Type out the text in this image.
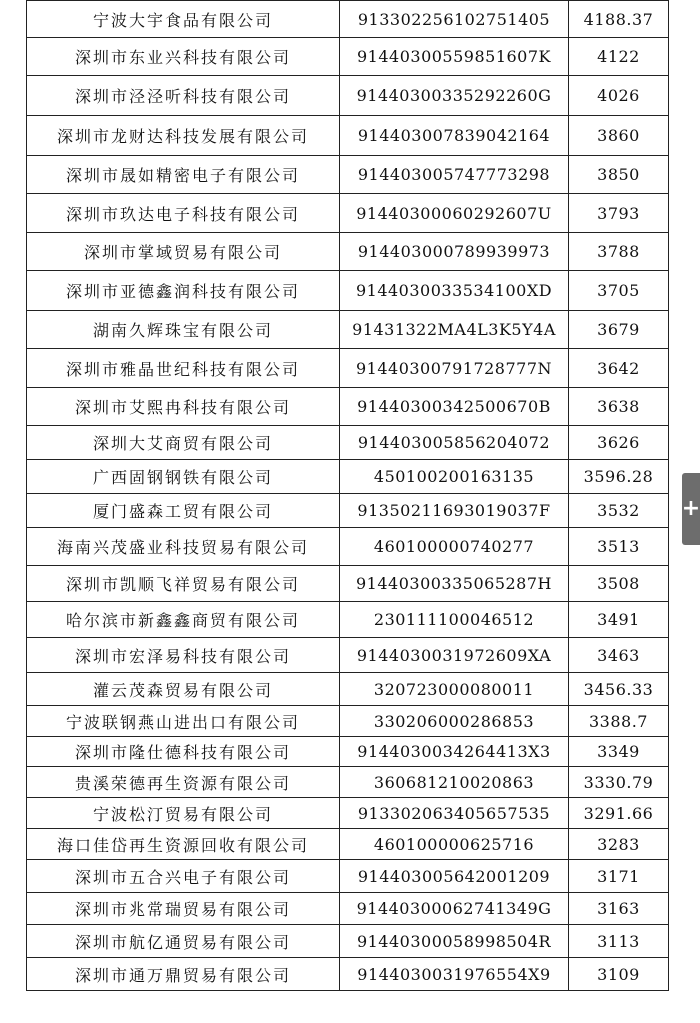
宁波大宇食品有限公司	913302256102751405	4188.37
深圳市东业兴科技有限公司	91440300559851607K	4122
深圳市泾泾听科技有限公司	91440300335292260G	4026
深圳市龙财达科技发展有限公司	914403007839042164	3860
深圳市晟如精密电子有限公司	914403005747773298	3850
深圳市玖达电子科技有限公司	91440300060292607U	3793
深圳市掌域贸易有限公司	914403000789939973	3788
深圳市亚德鑫润科技有限公司	9144030033534100XD	3705
湖南久辉珠宝有限公司	91431322MA4L3K5Y4A	3679
深圳市雅晶世纪科技有限公司	91440300791728777N	3642
深圳市艾熙冉科技有限公司	91440300342500670B	3638
深圳大艾商贸有限公司	914403005856204072	3626
广西固钢钢铁有限公司	450100200163135	3596.28
厦门盛森工贸有限公司	91350211693019037F	3532
海南兴茂盛业科技贸易有限公司	460100000740277	3513
深圳市凯顺飞祥贸易有限公司	91440300335065287H	3508
哈尔滨市新鑫鑫商贸有限公司	230111100046512	3491
深圳市宏泽易科技有限公司	9144030031972609XA	3463
灌云茂森贸易有限公司	320723000080011	3456.33
宁波联钢燕山进出口有限公司	330206000286853	3388.7
深圳市隆仕德科技有限公司	9144030034264413X3	3349
贵溪荣德再生资源有限公司	360681210020863	3330.79
宁波松汀贸易有限公司	913302063405657535	3291.66
海口佳岱再生资源回收有限公司	460100000625716	3283
深圳市五合兴电子有限公司	914403005642001209	3171
深圳市兆常瑞贸易有限公司	91440300062741349G	3163
深圳市航亿通贸易有限公司	91440300058998504R	3113
深圳市通万鼎贸易有限公司	9144030031976554X9	3109
+
